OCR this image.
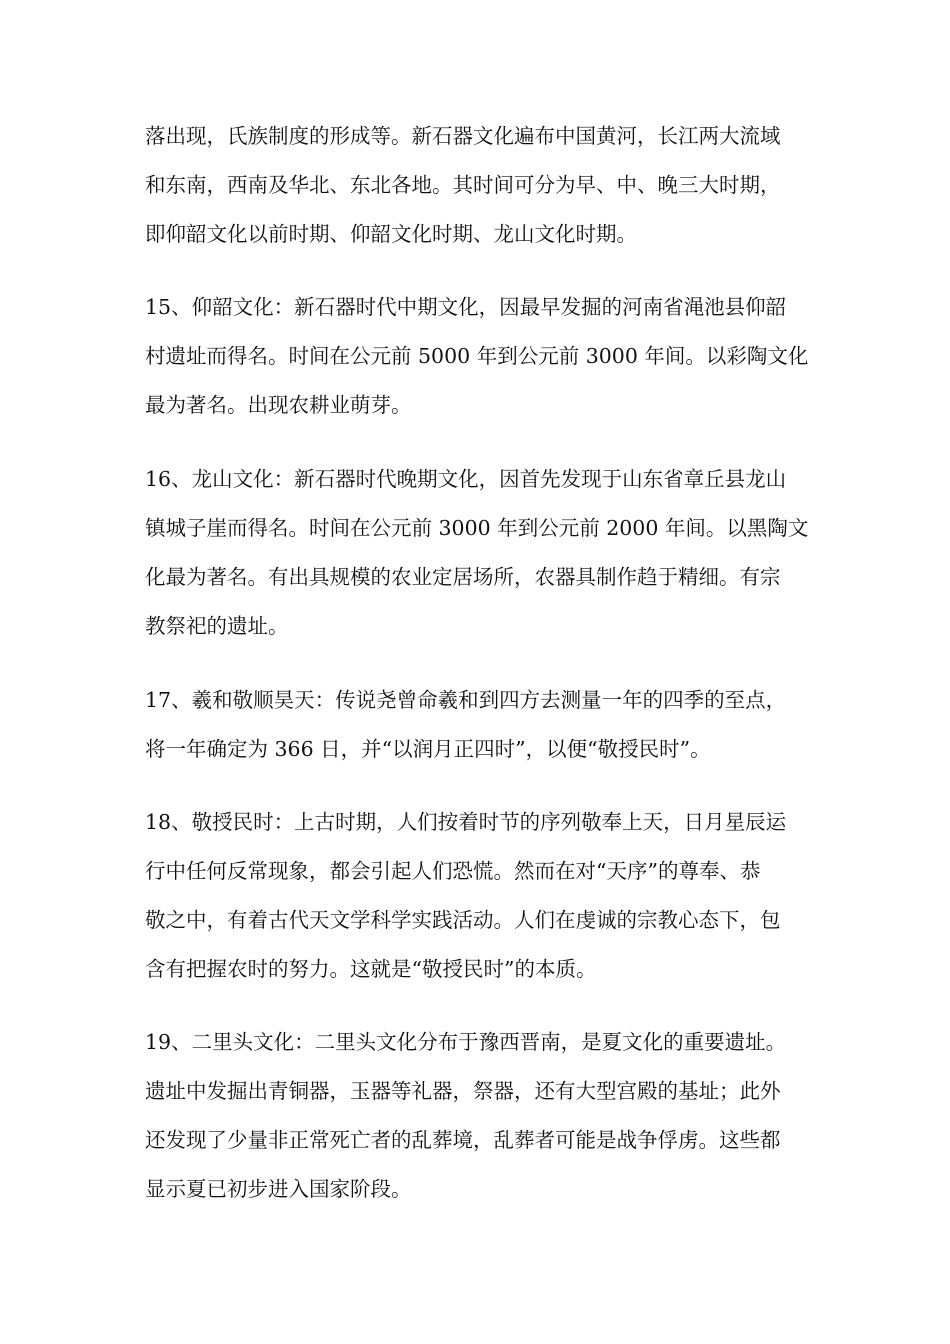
落出现，氏族制度的形成等。新石器文化遍布中国黄河，长江两大流域
和东南，西南及华北、东北各地。其时间可分为早、中、晚三大时期，
即仰韶文化以前时期、仰韶文化时期、龙山文化时期。
15、仰韶文化：新石器时代中期文化，因最早发掘的河南省渑池县仰韶
村遗址而得名。时间在公元前 5000 年到公元前 3000 年间。以彩陶文化
最为著名。出现农耕业萌芽。
16、龙山文化：新石器时代晚期文化，因首先发现于山东省章丘县龙山
镇城子崖而得名。时间在公元前 3000 年到公元前 2000 年间。以黑陶文
化最为著名。有出具规模的农业定居场所，农器具制作趋于精细。有宗
教祭祀的遗址。
17、羲和敬顺昊天：传说尧曾命羲和到四方去测量一年的四季的至点，
将一年确定为 366 日，并“以润月正四时”，以便“敬授民时”。
18、敬授民时：上古时期，人们按着时节的序列敬奉上天，日月星辰运
行中任何反常现象，都会引起人们恐慌。然而在对“天序”的尊奉、恭
敬之中，有着古代天文学科学实践活动。人们在虔诚的宗教心态下，包
含有把握农时的努力。这就是“敬授民时”的本质。
19、二里头文化：二里头文化分布于豫西晋南，是夏文化的重要遗址。
遗址中发掘出青铜器，玉器等礼器，祭器，还有大型宫殿的基址；此外
还发现了少量非正常死亡者的乱葬境，乱葬者可能是战争俘虏。这些都
显示夏已初步进入国家阶段。
